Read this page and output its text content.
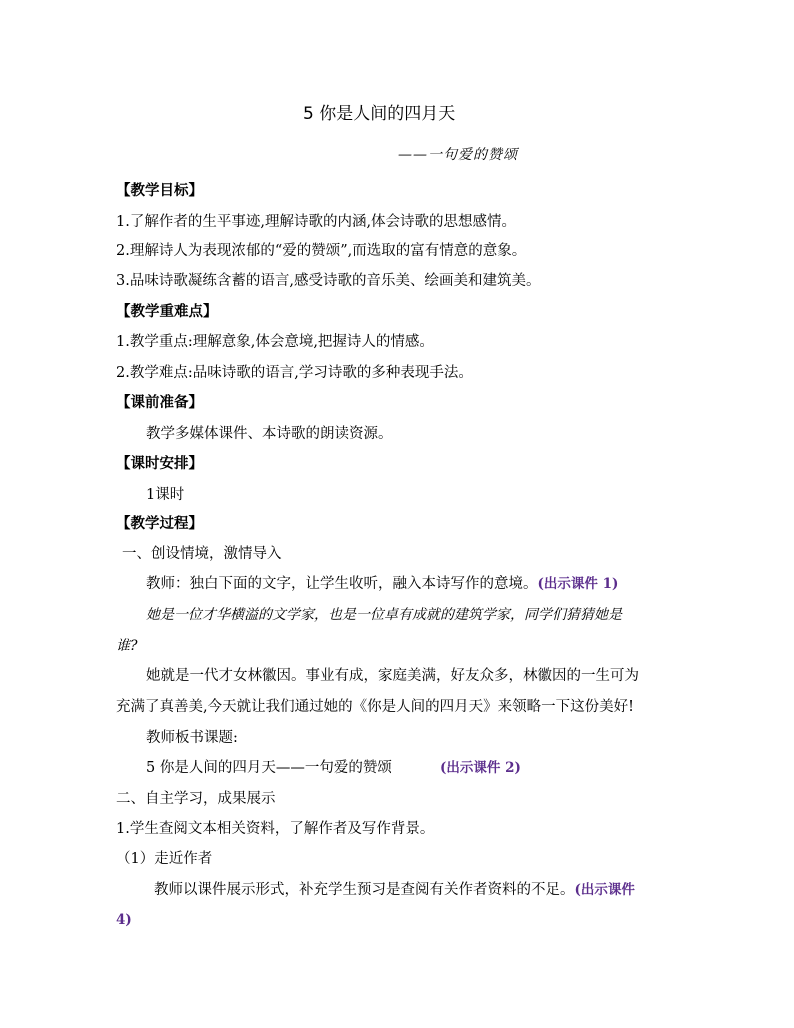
5 你是人间的四月天
——一句爱的赞颂
【教学目标】
1.了解作者的生平事迹,理解诗歌的内涵,体会诗歌的思想感情。
2.理解诗人为表现浓郁的“爱的赞颂”,而选取的富有情意的意象。
3.品味诗歌凝练含蓄的语言,感受诗歌的音乐美、绘画美和建筑美。
【教学重难点】
1.教学重点:理解意象,体会意境,把握诗人的情感。
2.教学难点:品味诗歌的语言,学习诗歌的多种表现手法。
【课前准备】
教学多媒体课件、本诗歌的朗读资源。
【课时安排】
1课时
【教学过程】
一、创设情境，激情导入
教师：独白下面的文字，让学生收听，融入本诗写作的意境。(出示课件 1)
她是一位才华横溢的文学家，也是一位卓有成就的建筑学家，同学们猜猜她是
谁?
她就是一代才女林徽因。事业有成，家庭美满，好友众多，林徽因的一生可为
充满了真善美,今天就让我们通过她的《你是人间的四月天》来领略一下这份美好!
教师板书课题:
5 你是人间的四月天——一句爱的赞颂	(出示课件 2)
二、自主学习，成果展示
1.学生查阅文本相关资料，了解作者及写作背景。
（1）走近作者
教师以课件展示形式，补充学生预习是查阅有关作者资料的不足。(出示课件
4)
